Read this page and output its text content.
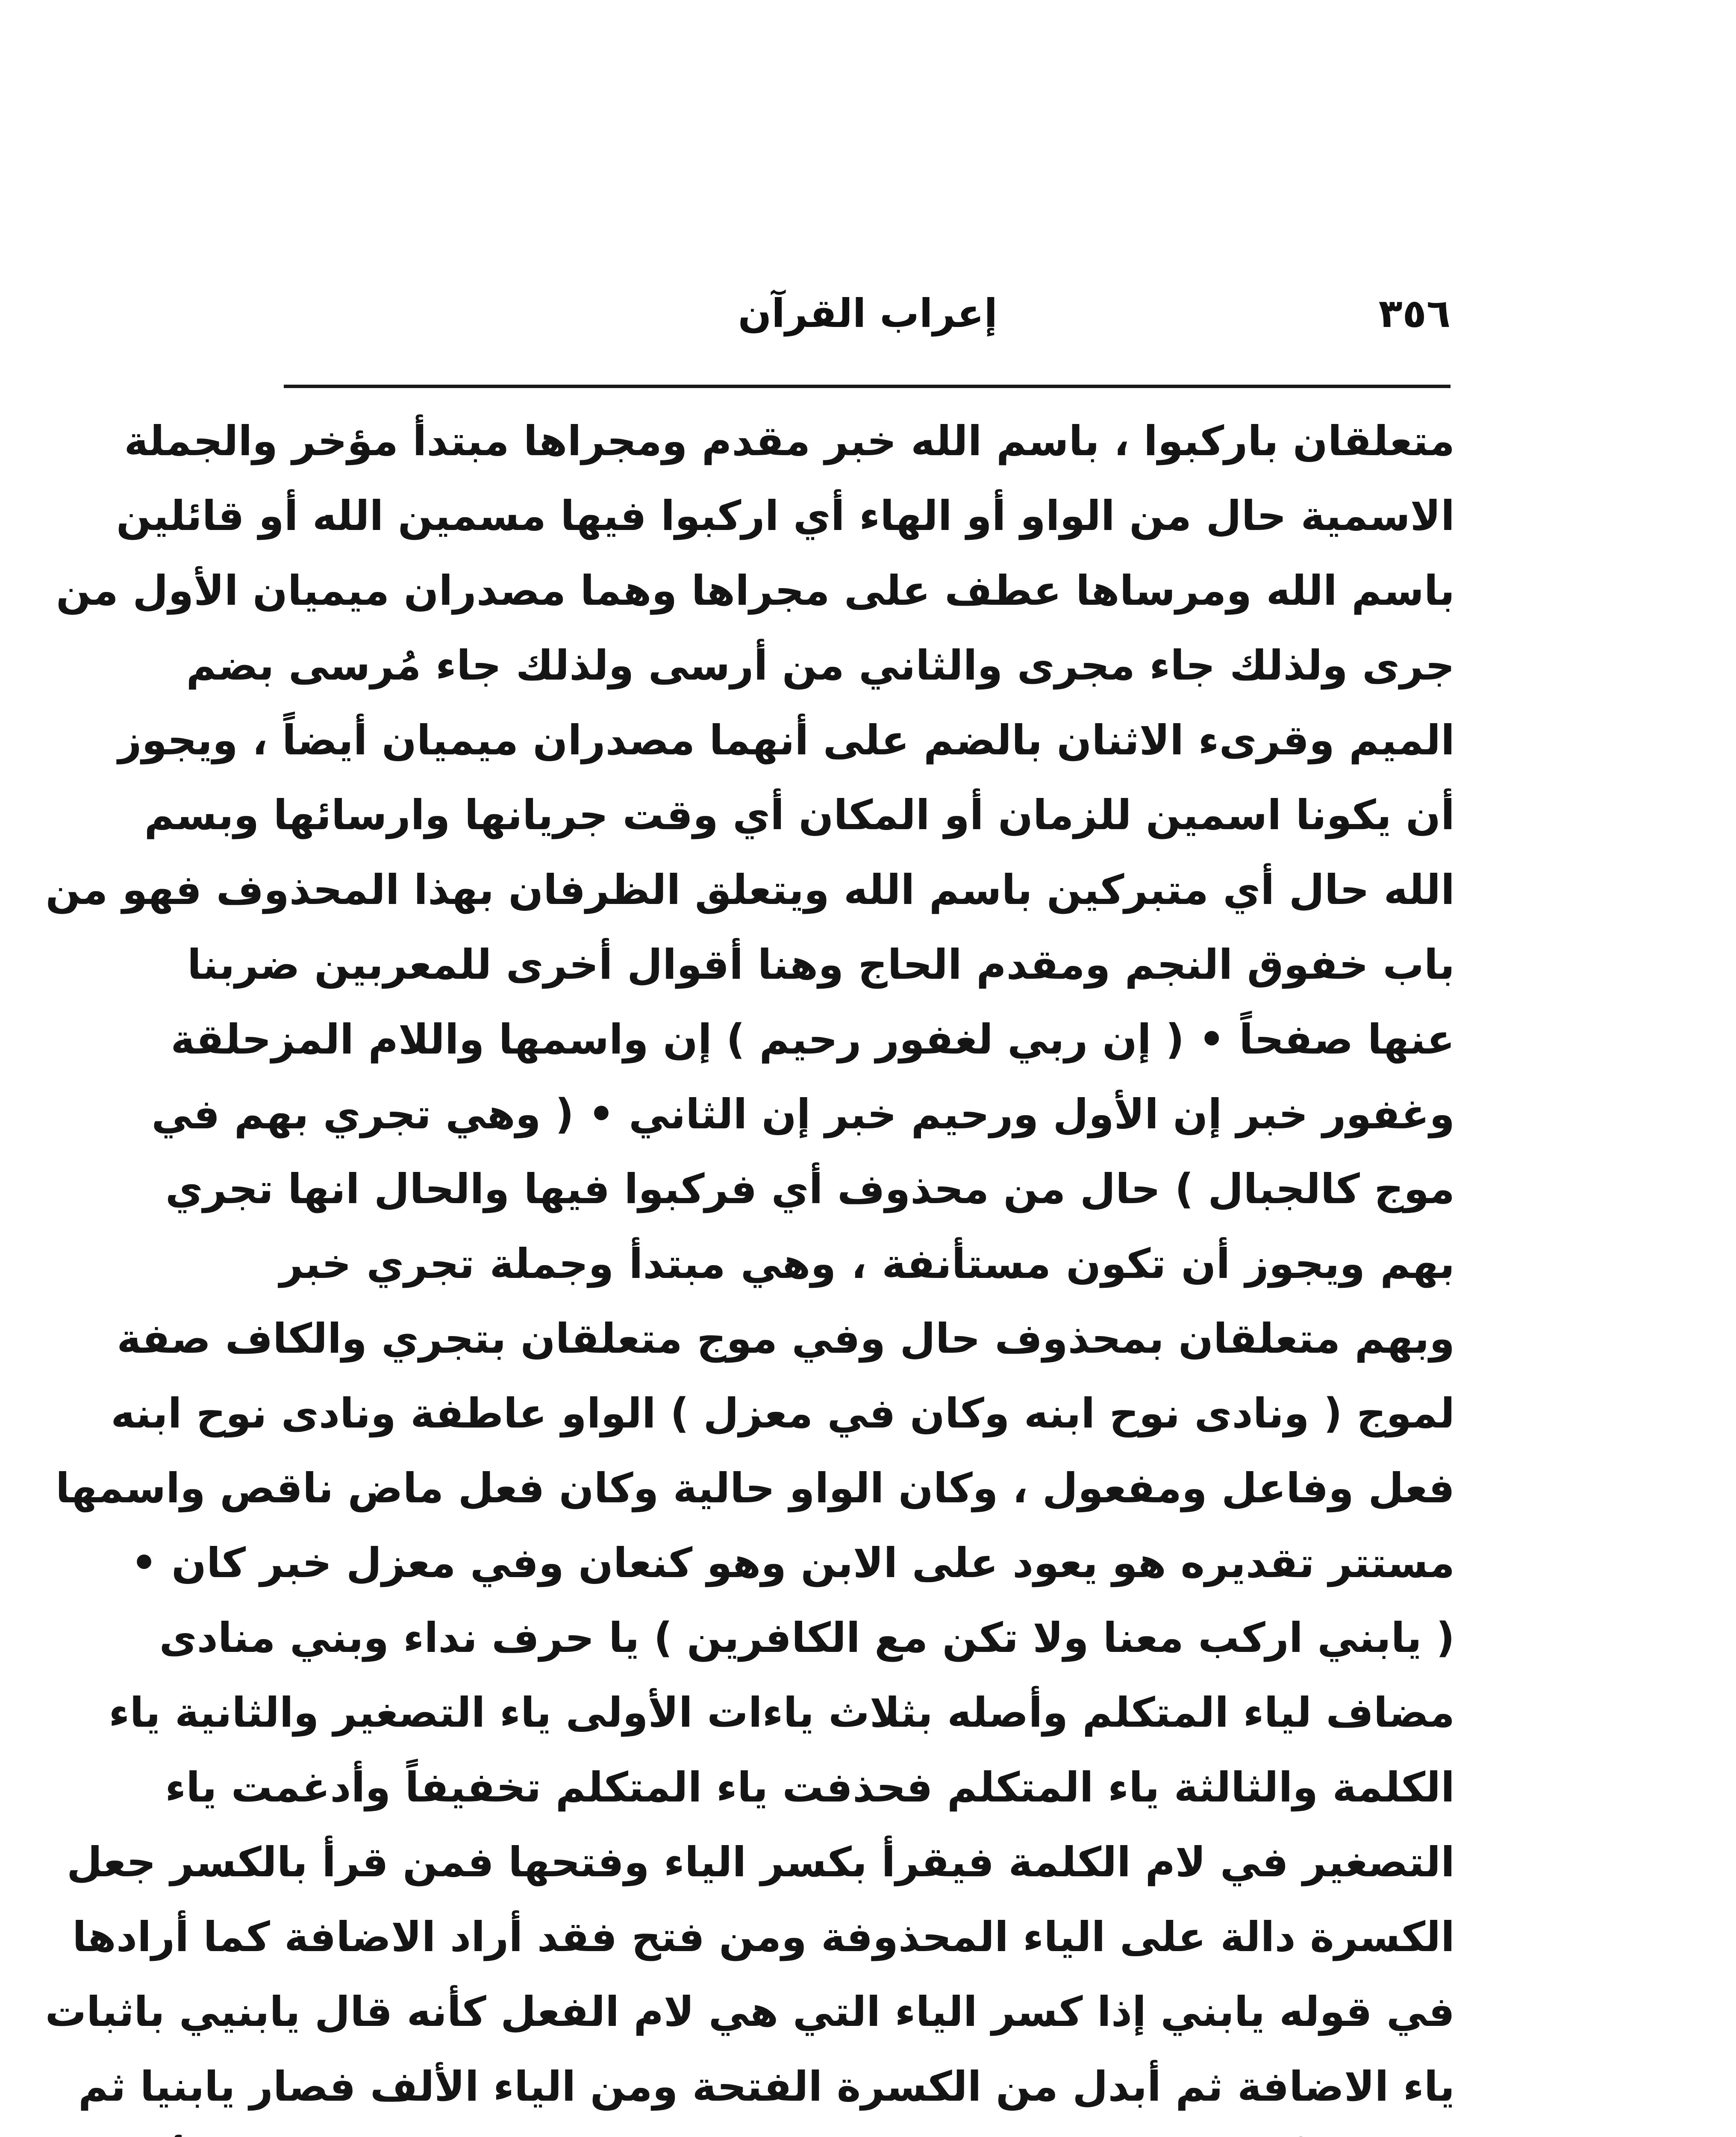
٣٥٦
إعراب القرآن
متعلقان باركبوا ، باسم الله خبر مقدم ومجراها مبتدأ مؤخر والجملة
الاسمية حال من الواو أو الهاء أي اركبوا فيها مسمين الله أو قائلين
باسم الله ومرساها عطف على مجراها وهما مصدران ميميان الأول من
جرى ولذلك جاء مجرى والثاني من أرسى ولذلك جاء مُرسى بضم
الميم وقرىء الاثنان بالضم على أنهما مصدران ميميان أيضاً ، ويجوز
أن يكونا اسمين للزمان أو المكان أي وقت جريانها وارسائها وبسم
الله حال أي متبركين باسم الله ويتعلق الظرفان بهذا المحذوف فهو من
باب خفوق النجم ومقدم الحاج وهنا أقوال أخرى للمعربين ضربنا
عنها صفحاً • ( إن ربي لغفور رحيم ) إن واسمها واللام المزحلقة
وغفور خبر إن الأول ورحيم خبر إن الثاني • ( وهي تجري بهم في
موج كالجبال ) حال من محذوف أي فركبوا فيها والحال انها تجري
بهم ويجوز أن تكون مستأنفة ، وهي مبتدأ وجملة تجري خبر
وبهم متعلقان بمحذوف حال وفي موج متعلقان بتجري والكاف صفة
لموج ( ونادى نوح ابنه وكان في معزل ) الواو عاطفة ونادى نوح ابنه
فعل وفاعل ومفعول ، وكان الواو حالية وكان فعل ماض ناقص واسمها
مستتر تقديره هو يعود على الابن وهو كنعان وفي معزل خبر كان •
( يابني اركب معنا ولا تكن مع الكافرين ) يا حرف نداء وبني منادى
مضاف لياء المتكلم وأصله بثلاث ياءات الأولى ياء التصغير والثانية ياء
الكلمة والثالثة ياء المتكلم فحذفت ياء المتكلم تخفيفاً وأدغمت ياء
التصغير في لام الكلمة فيقرأ بكسر الياء وفتحها فمن قرأ بالكسر جعل
الكسرة دالة على الياء المحذوفة ومن فتح فقد أراد الاضافة كما أرادها
في قوله يابني إذا كسر الياء التي هي لام الفعل كأنه قال يابنيي باثبات
ياء الاضافة ثم أبدل من الكسرة الفتحة ومن الياء الألف فصار يابنيا ثم
